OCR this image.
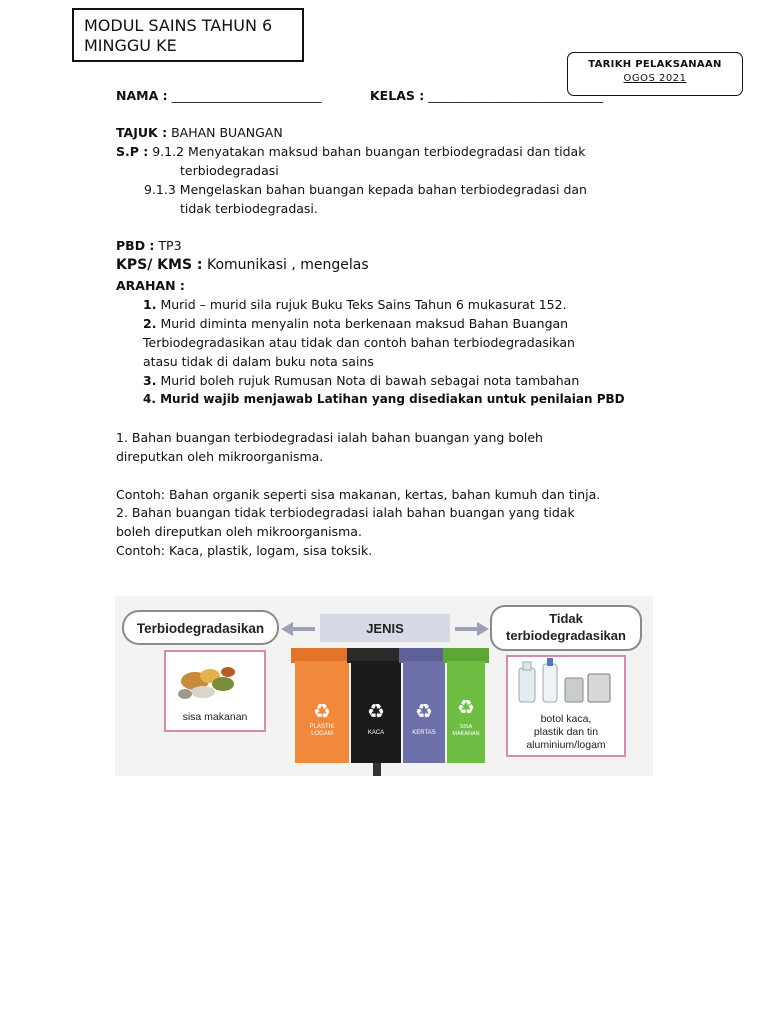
MODUL SAINS TAHUN 6
MINGGU KE
TARIKH PELAKSANAAN
OGOS 2021
NAMA : ________________________	KELAS : ____________________________
TAJUK : BAHAN BUANGAN
S.P : 9.1.2 Menyatakan maksud bahan buangan terbiodegradasi dan tidak
terbiodegradasi
9.1.3 Mengelaskan bahan buangan kepada bahan terbiodegradasi dan
tidak terbiodegradasi.
PBD : TP3
KPS/ KMS : Komunikasi , mengelas
ARAHAN :
1. Murid – murid sila rujuk Buku Teks Sains Tahun 6 mukasurat 152.
2. Murid diminta menyalin nota berkenaan maksud Bahan Buangan
Terbiodegradasikan atau tidak dan contoh bahan terbiodegradasikan
atasu tidak di dalam buku nota sains
3. Murid boleh rujuk Rumusan Nota di bawah sebagai nota tambahan
4. Murid wajib menjawab Latihan yang disediakan untuk penilaian PBD
1. Bahan buangan terbiodegradasi ialah bahan buangan yang boleh
direputkan oleh mikroorganisma.
Contoh: Bahan organik seperti sisa makanan, kertas, bahan kumuh dan tinja.
2. Bahan buangan tidak terbiodegradasi ialah bahan buangan yang tidak
boleh direputkan oleh mikroorganisma.
Contoh: Kaca, plastik, logam, sisa toksik.
Terbiodegradasikan	JENIS
Tidak
terbiodegradasikan
sisa makanan
PLASTIK
LOGAM
♻ ♻
KACA
♻
KERTAS
♻
SISA
MAKANAN
botol kaca,
plastik dan tin
aluminium/logam
